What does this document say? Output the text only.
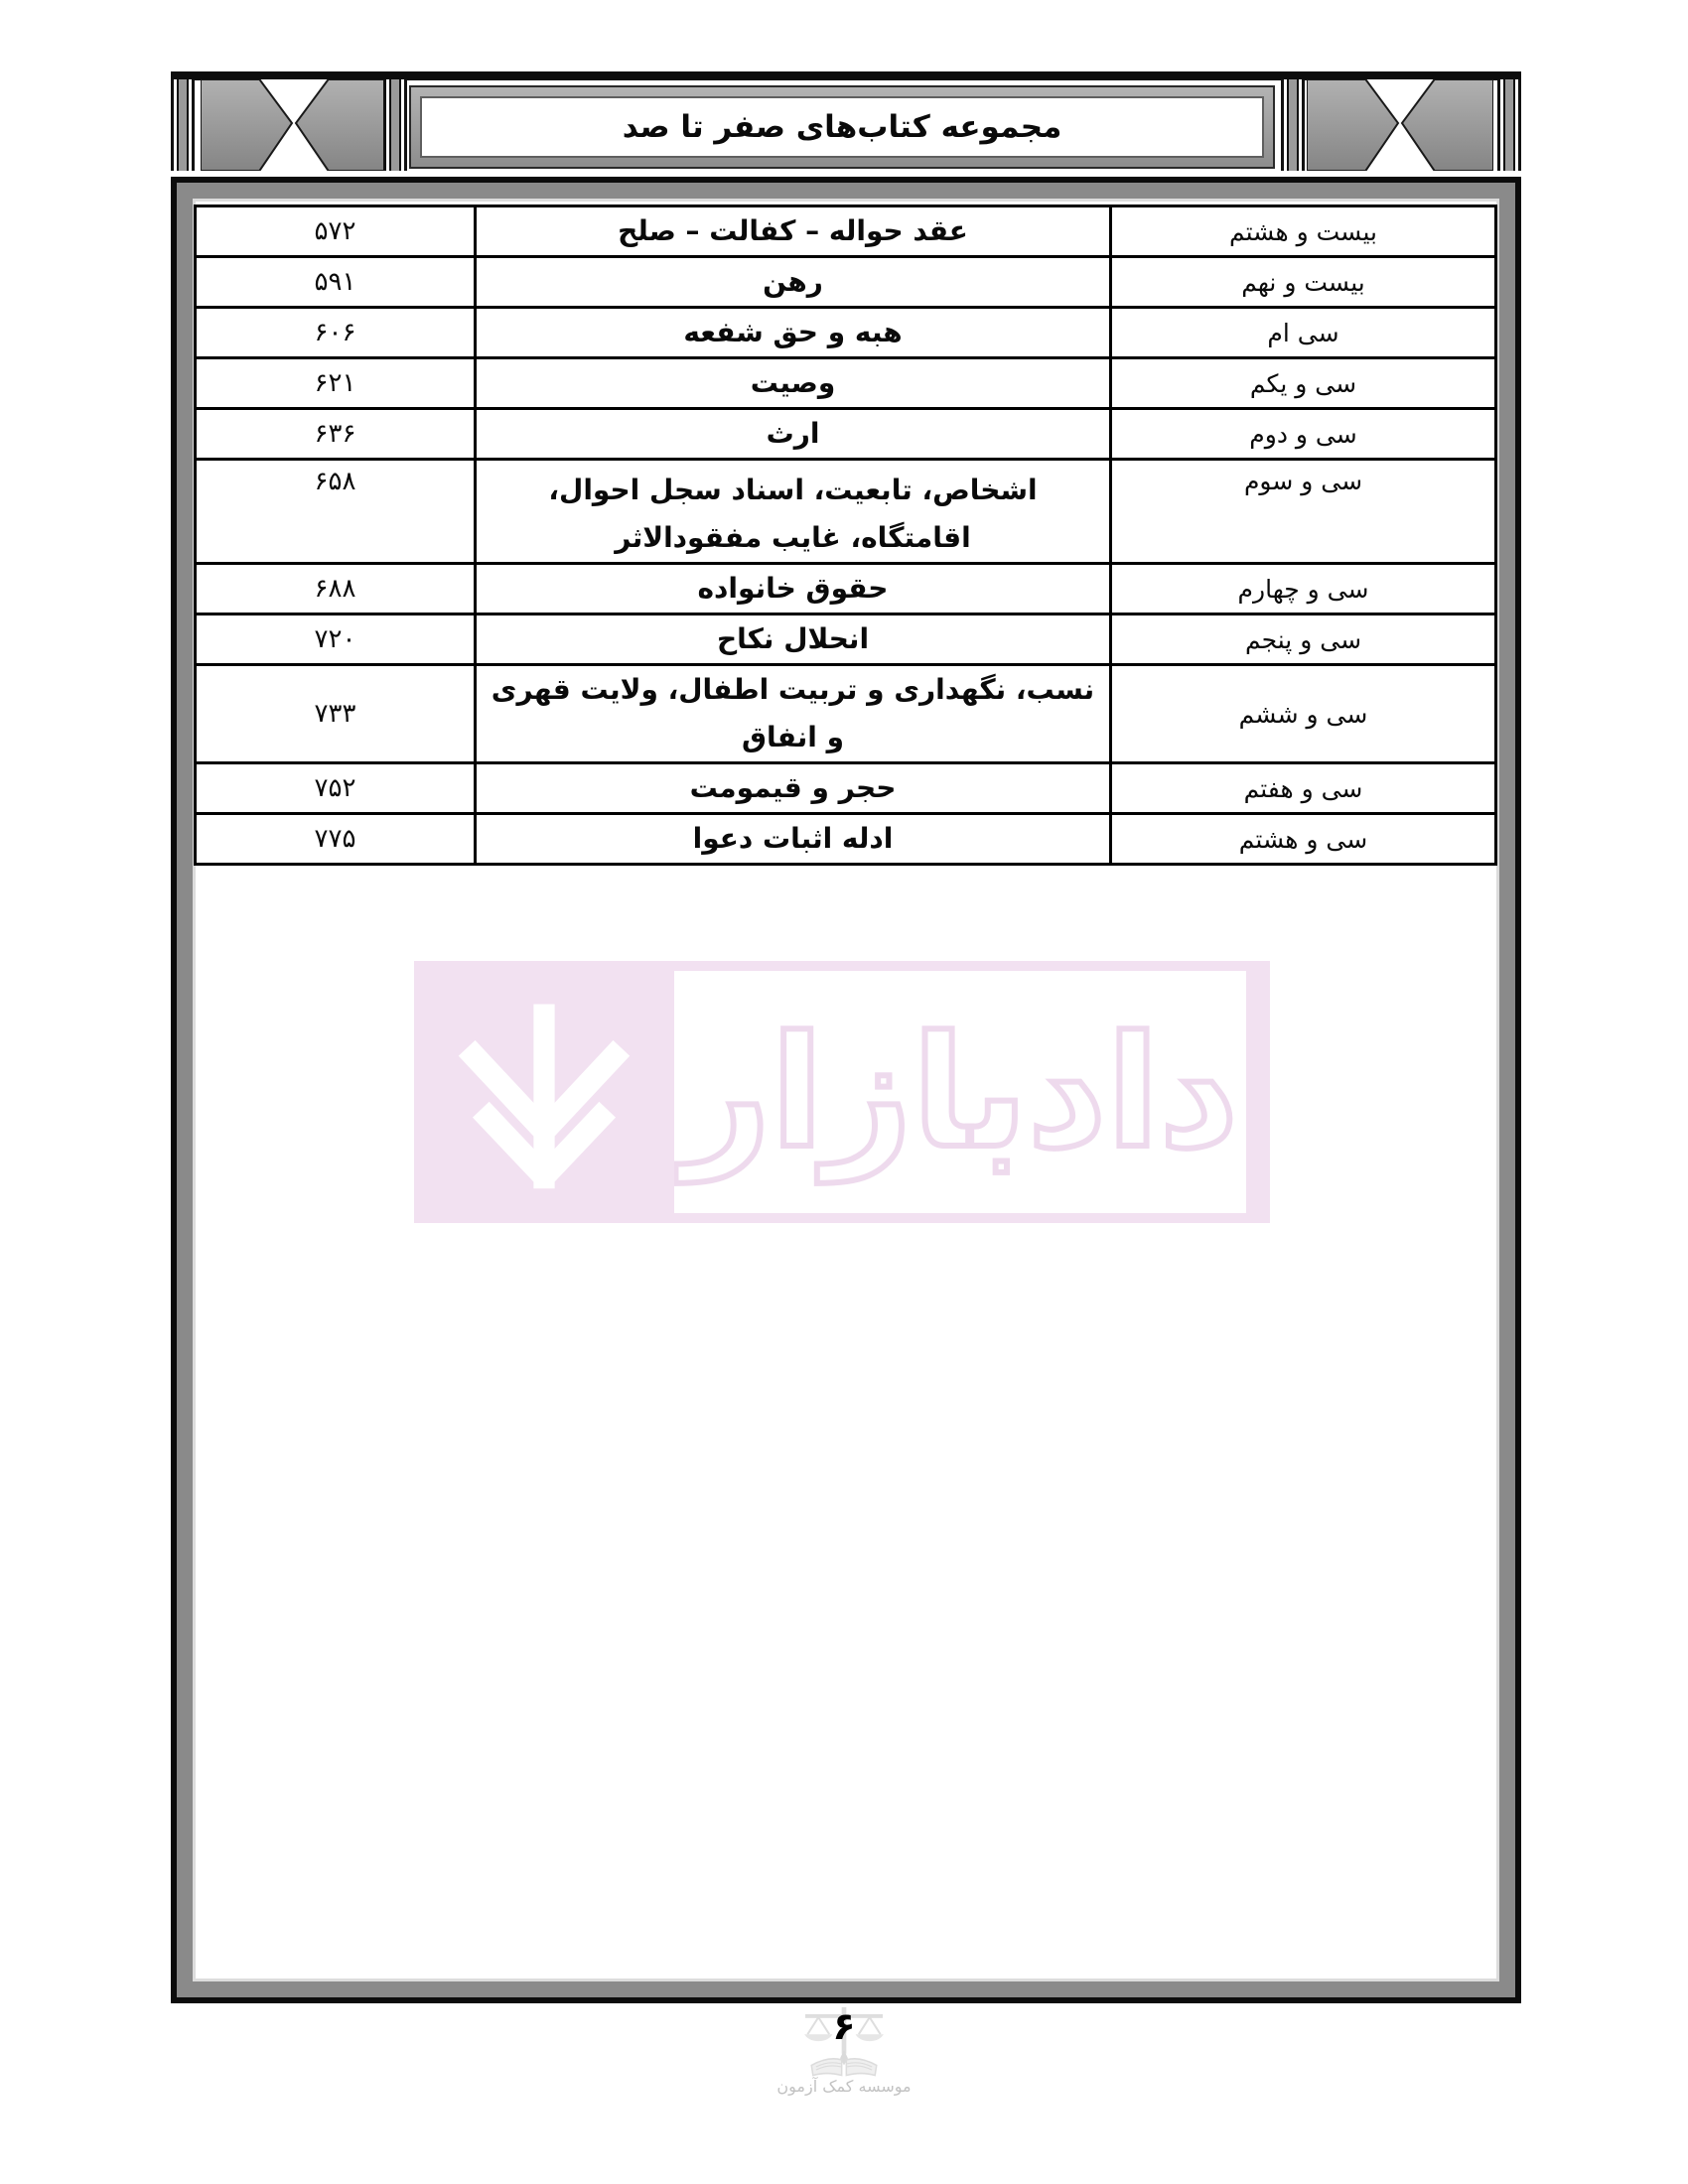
مجموعه کتاب‌های صفر تا صد
بیست و هشتم	عقد حواله – کفالت – صلح	۵۷۲
بیست و نهم	رهن	۵۹۱
سی ام	هبه و حق شفعه	۶۰۶
سی و یکم	وصیت	۶۲۱
سی و دوم	ارث	۶۳۶
سی و سوم	اشخاص، تابعیت، اسناد سجل احوال، اقامتگاه، غایب مفقودالاثر	۶۵۸
سی و چهارم	حقوق خانواده	۶۸۸
سی و پنجم	انحلال نکاح	۷۲۰
سی و ششم	نسب، نگهداری و تربیت اطفال، ولایت قهری و انفاق	۷۳۳
سی و هفتم	حجر و قیمومت	۷۵۲
سی و هشتم	ادله اثبات دعوا	۷۷۵
دادبازار
۶
موسسه کمک آزمون
